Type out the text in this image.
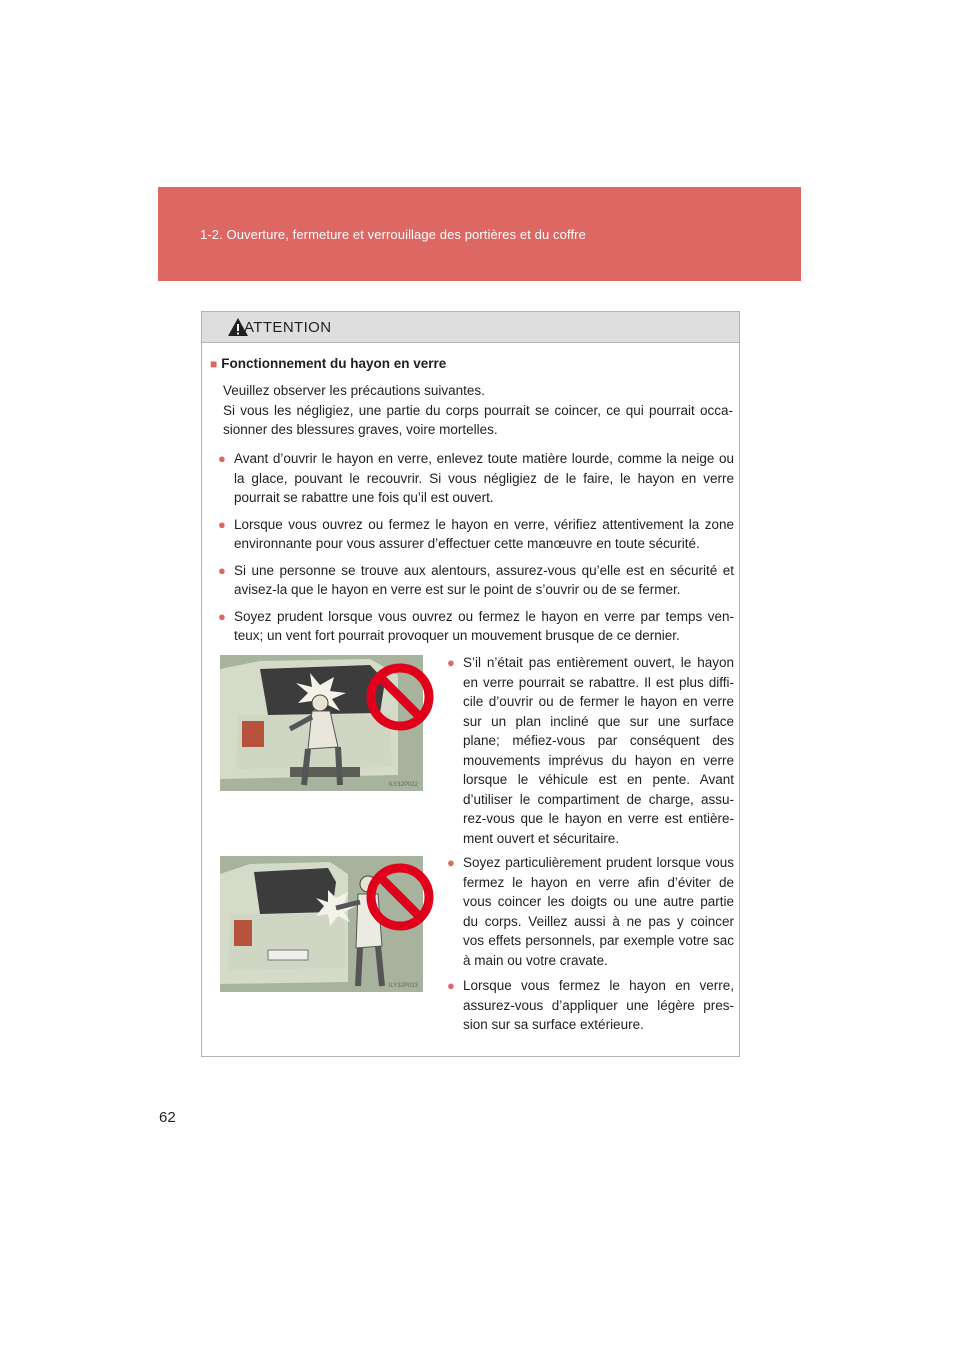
1-2. Ouverture, fermeture et verrouillage des portières et du coffre
ATTENTION
■ Fonctionnement du hayon en verre

Veuillez observer les précautions suivantes.

Si vous les négligiez, une partie du corps pourrait se coincer, ce qui pourrait occa-sionner des blessures graves, voire mortelles.

● Avant d’ouvrir le hayon en verre, enlevez toute matière lourde, comme la neige ou la glace, pouvant le recouvrir. Si vous négligiez de le faire, le hayon en verre pourrait se rabattre une fois qu’il est ouvert.
● Lorsque vous ouvrez ou fermez le hayon en verre, vérifiez attentivement la zone environnante pour vous assurer d’effectuer cette manœuvre en toute sécurité.
● Si une personne se trouve aux alentours, assurez-vous qu’elle est en sécurité et avisez-la que le hayon en verre est sur le point de s’ouvrir ou de se fermer.
● Soyez prudent lorsque vous ouvrez ou fermez le hayon en verre par temps ven-teux; un vent fort pourrait provoquer un mouvement brusque de ce dernier.
ILY32P022
● S’il n’était pas entièrement ouvert, le hayon en verre pourrait se rabattre. Il est plus diffi-cile d’ouvrir ou de fermer le hayon en verre sur un plan incliné que sur une surface plane; méfiez-vous par conséquent des mouvements imprévus du hayon en verre lorsque le véhicule est en pente. Avant d’utiliser le compartiment de charge, assu-rez-vous que le hayon en verre est entière-ment ouvert et sécuritaire.
ILY32P023
● Soyez particulièrement prudent lorsque vous fermez le hayon en verre afin d’éviter de vous coincer les doigts ou une autre partie du corps. Veillez aussi à ne pas y coincer vos effets personnels, par exemple votre sac à main ou votre cravate.
● Lorsque vous fermez le hayon en verre, assurez-vous d’appliquer une légère pres-sion sur sa surface extérieure.
62
